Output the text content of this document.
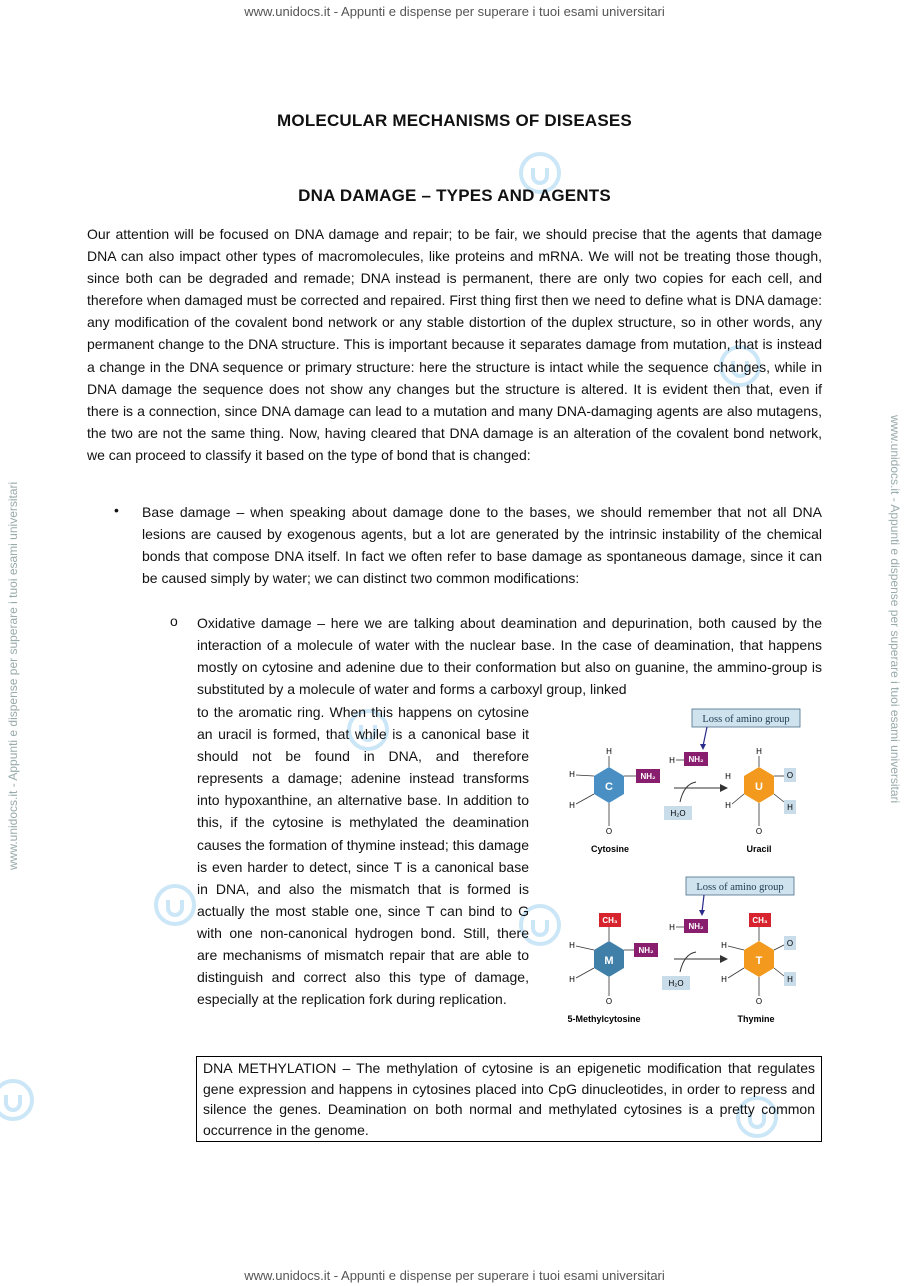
www.unidocs.it - Appunti e dispense per superare i tuoi esami universitari
www.unidocs.it - Appunti e dispense per superare i tuoi esami universitari
www.unidocs.it - Appunti e dispense per superare i tuoi esami universitari	www.unidocs.it - Appunti e dispense per superare i tuoi esami universitari
MOLECULAR MECHANISMS OF DISEASES
DNA DAMAGE – TYPES AND AGENTS

Our attention will be focused on DNA damage and repair; to be fair, we should precise that the agents that damage DNA can also impact other types of macromolecules, like proteins and mRNA. We will not be treating those though, since both can be degraded and remade; DNA instead is permanent, there are only two copies for each cell, and therefore when damaged must be corrected and repaired. First thing first then we need to define what is DNA damage: any modification of the covalent bond network or any stable distortion of the duplex structure, so in other words, any permanent change to the DNA structure. This is important because it separates damage from mutation, that is instead a change in the DNA sequence or primary structure: here the structure is intact while the sequence changes, while in DNA damage the sequence does not show any changes but the structure is altered. It is evident then that, even if there is a connection, since DNA damage can lead to a mutation and many DNA-damaging agents are also mutagens, the two are not the same thing. Now, having cleared that DNA damage is an alteration of the covalent bond network, we can proceed to classify it based on the type of bond that is changed:

• Base damage – when speaking about damage done to the bases, we should remember that not all DNA lesions are caused by exogenous agents, but a lot are generated by the intrinsic instability of the chemical bonds that compose DNA itself. In fact we often refer to base damage as spontaneous damage, since it can be caused simply by water; we can distinct two common modifications:

o Oxidative damage – here we are talking about deamination and depurination, both caused by the interaction of a molecule of water with the nuclear base. In the case of deamination, that happens mostly on cytosine and adenine due to their conformation but also on guanine, the ammino-group is substituted by a molecule of water and forms a carboxyl group, linked

to the aromatic ring. When this happens on cytosine an uracil is formed, that while is a canonical base it should not be found in DNA, and therefore represents a damage; adenine instead transforms into hypoxanthine, an alternative base. In addition to this, if the cytosine is methylated the deamination causes the formation of thymine instead; this damage is even harder to detect, since T is a canonical base in DNA, and also the mismatch that is formed is actually the most stable one, since T can bind to G with one non-canonical hydrogen bond. Still, there are mechanisms of mismatch repair that are able to distinguish and correct also this type of damage, especially at the replication fork during replication.

Loss of amino group
C
H
H
H
O
NH₂
Cytosine
H NH₂
H₂O
U
H
O
H
H
H
O
Uracil
Loss of amino group
CH₃
M
H
H
O
NH₂
5-Methylcytosine
H NH₂
H₂O
CH₃
T
O
H
H
H
O
Thymine
DNA METHYLATION – The methylation of cytosine is an epigenetic modification that regulates gene expression and happens in cytosines placed into CpG dinucleotides, in order to repress and silence the genes. Deamination on both normal and methylated cytosines is a pretty common occurrence in the genome.
